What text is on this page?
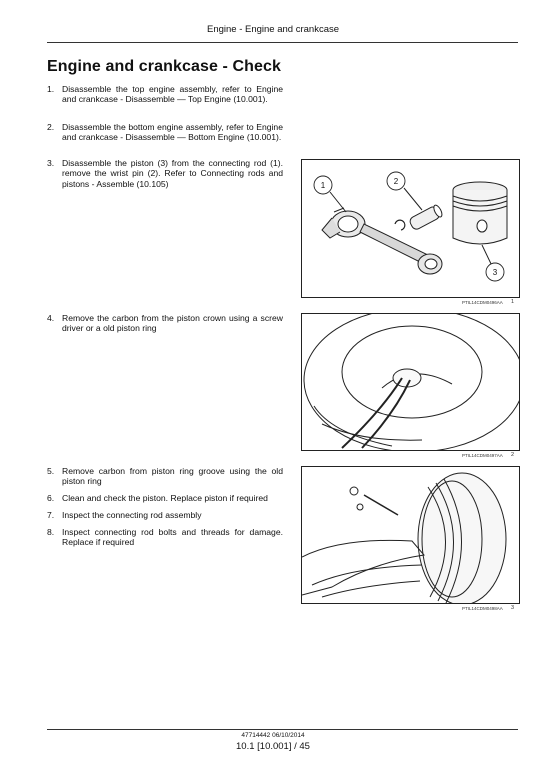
Engine - Engine and crankcase
Engine and crankcase - Check
1. Disassemble the top engine assembly, refer to Engine and crankcase - Disassemble — Top Engine (10.001).
2. Disassemble the bottom engine assembly, refer to Engine and crankcase - Disassemble — Bottom Engine (10.001).
3. Disassemble the piston (3) from the connecting rod (1). remove the wrist pin (2). Refer to Connecting rods and pistons - Assemble (10.105)
4. Remove the carbon from the piston crown using a screw driver or a old piston ring
5. Remove carbon from piston ring groove using the old piston ring
6. Clean and check the piston. Replace piston if required
7. Inspect the connecting rod assembly
8. Inspect connecting rod bolts and threads for damage. Replace if required
1	2
3
PTIL14CDM0496AA 1
PTIL14CDM0497AA 2
PTIL14CDM0498AA 3
47714442 06/10/2014
10.1 [10.001] / 45
